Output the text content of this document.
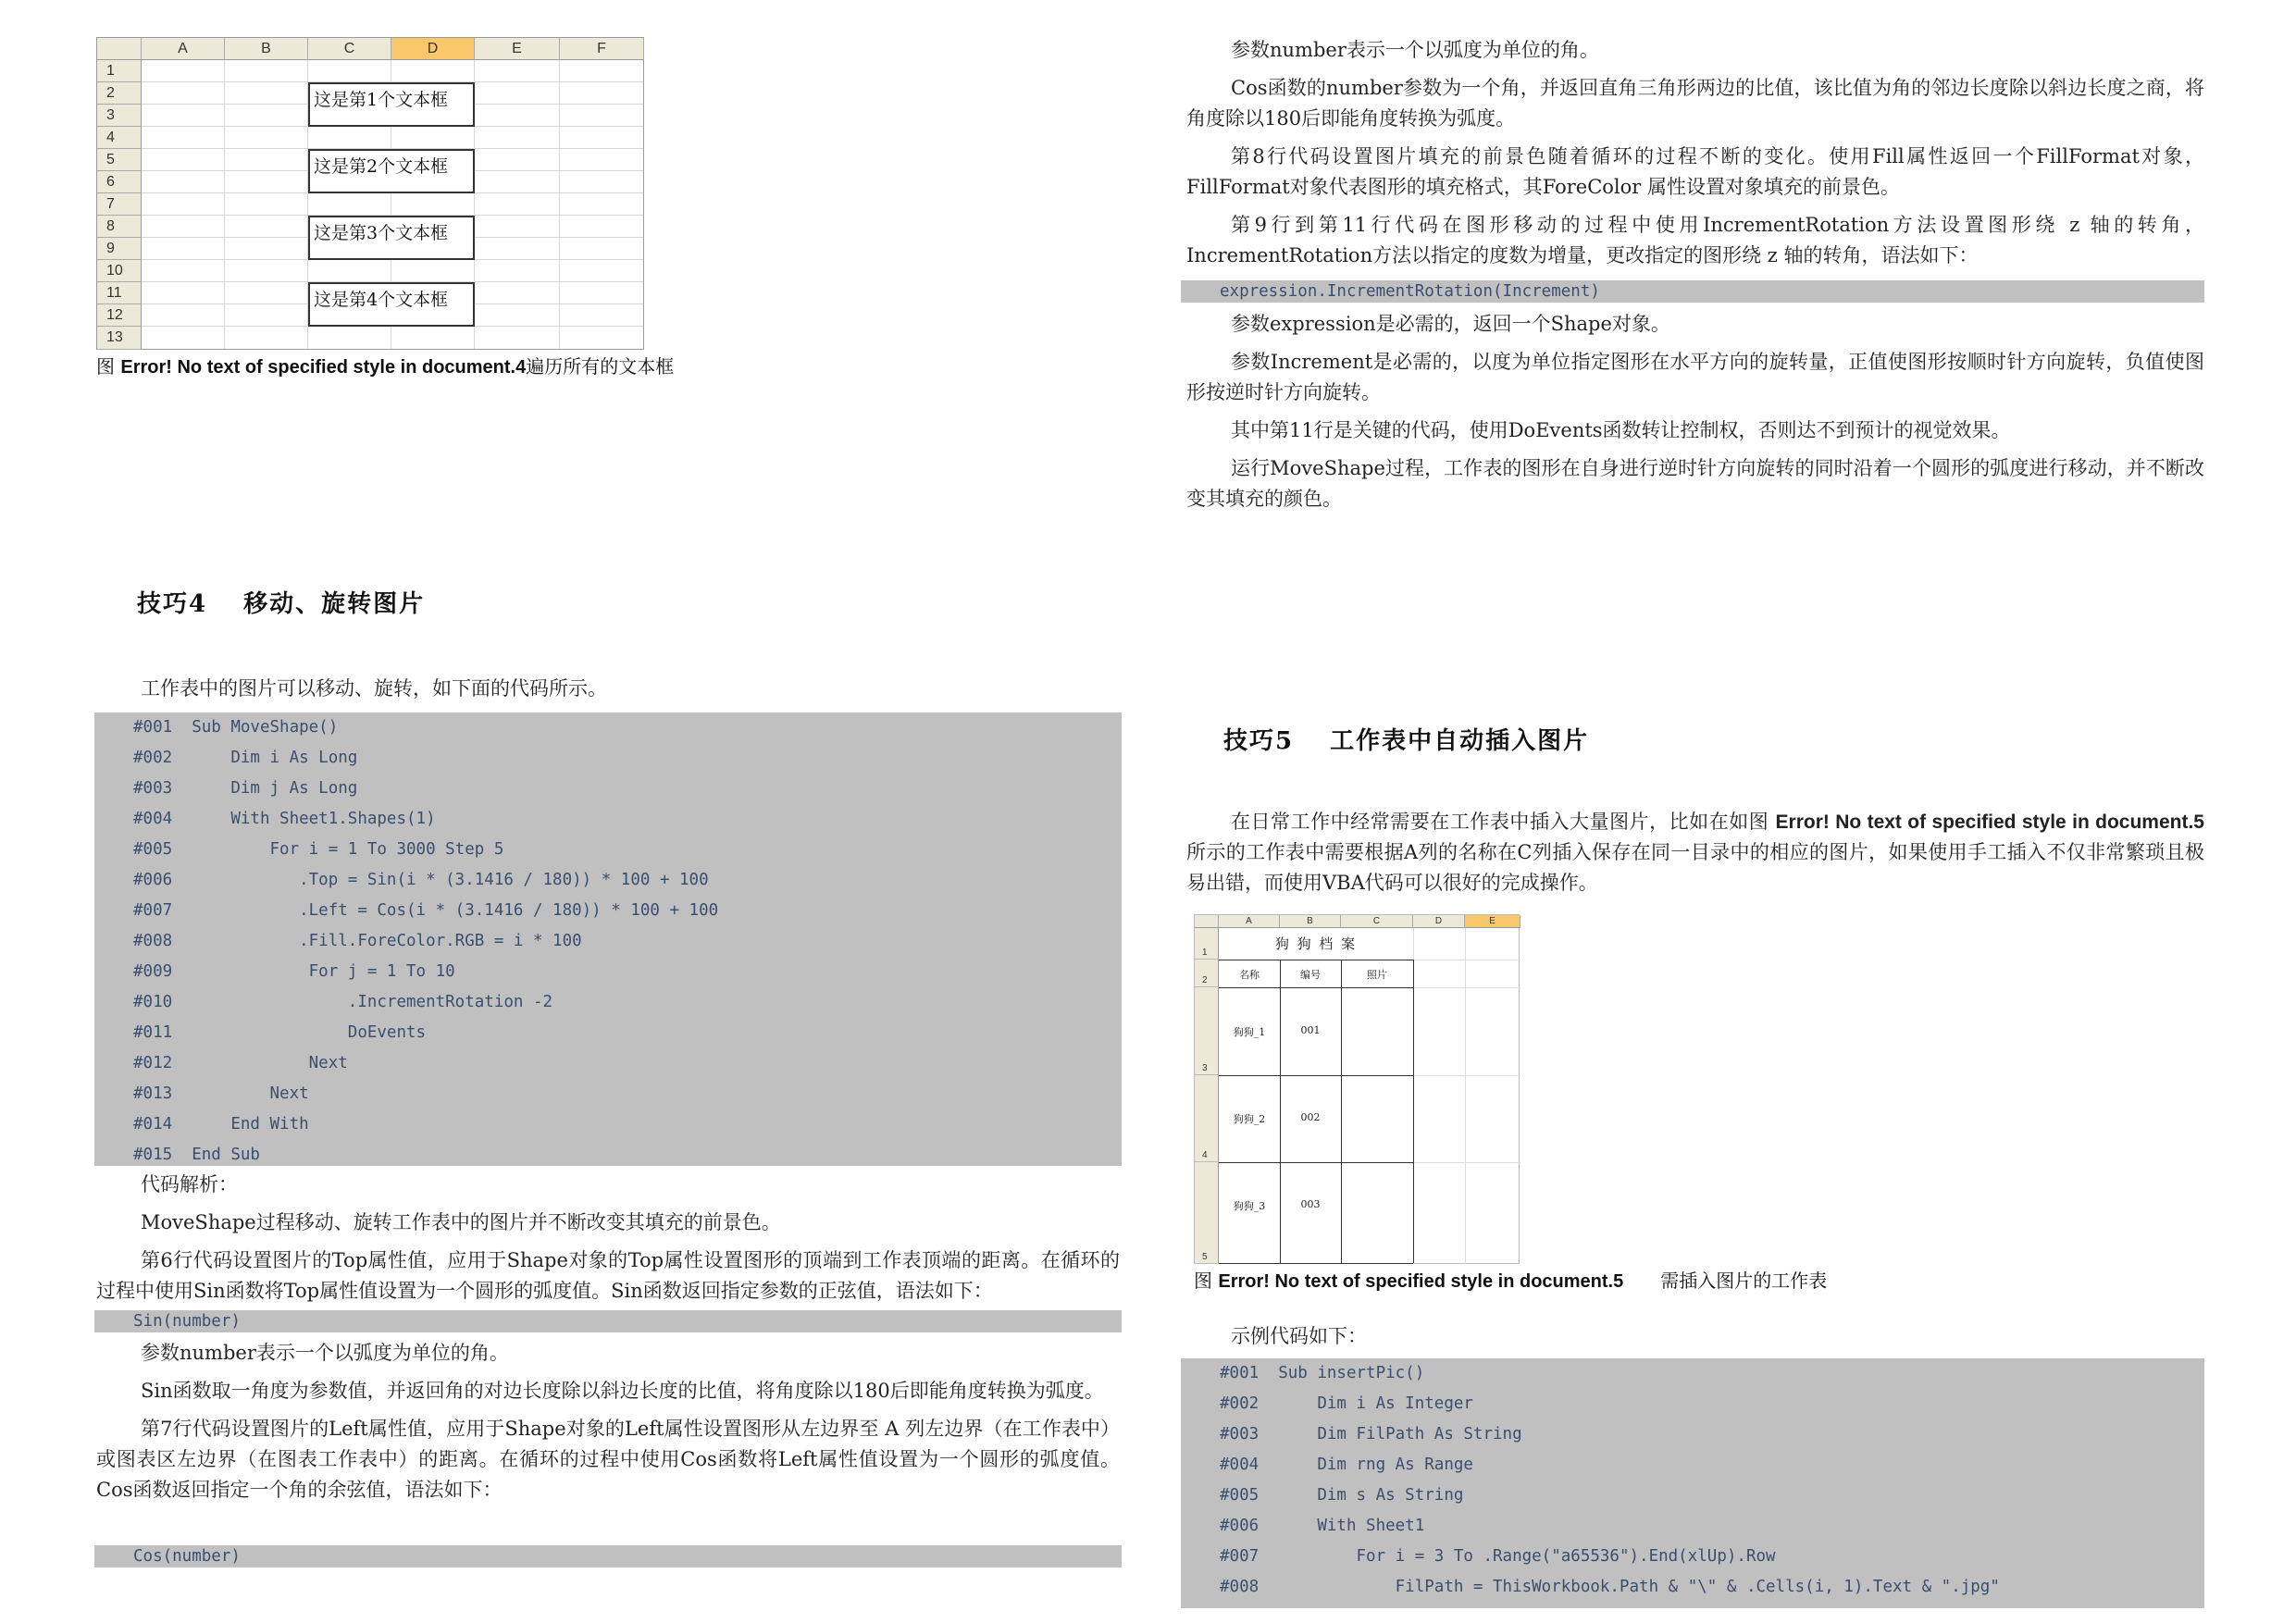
A	B	C	D	E	F
1
2
3
4
5
6
7
8
9
10
11
12
13
这是第1个文本框
这是第2个文本框
这是第3个文本框
这是第4个文本框
图 Error! No text of specified style in document.4遍历所有的文本框
技巧4　 移动、旋转图片
工作表中的图片可以移动、旋转，如下面的代码所示。
#001  Sub MoveShape()
#002      Dim i As Long
#003      Dim j As Long
#004      With Sheet1.Shapes(1)
#005          For i = 1 To 3000 Step 5
#006             .Top = Sin(i * (3.1416 / 180)) * 100 + 100
#007             .Left = Cos(i * (3.1416 / 180)) * 100 + 100
#008             .Fill.ForeColor.RGB = i * 100
#009              For j = 1 To 10
#010                  .IncrementRotation -2
#011                  DoEvents
#012              Next
#013          Next
#014      End With
#015  End Sub
代码解析：
MoveShape过程移动、旋转工作表中的图片并不断改变其填充的前景色。
第6行代码设置图片的Top属性值，应用于Shape对象的Top属性设置图形的顶端到工作表顶端的距离。在循环的过程中使用Sin函数将Top属性值设置为一个圆形的弧度值。Sin函数返回指定参数的正弦值，语法如下：
Sin(number)
参数number表示一个以弧度为单位的角。
Sin函数取一角度为参数值，并返回角的对边长度除以斜边长度的比值，将角度除以180后即能角度转换为弧度。
第7行代码设置图片的Left属性值，应用于Shape对象的Left属性设置图形从左边界至 A 列左边界（在工作表中）或图表区左边界（在图表工作表中）的距离。在循环的过程中使用Cos函数将Left属性值设置为一个圆形的弧度值。Cos函数返回指定一个角的余弦值，语法如下：
Cos(number)
参数number表示一个以弧度为单位的角。
Cos函数的number参数为一个角，并返回直角三角形两边的比值，该比值为角的邻边长度除以斜边长度之商，将角度除以180后即能角度转换为弧度。
第8行代码设置图片填充的前景色随着循环的过程不断的变化。使用Fill属性返回一个FillFormat对象，FillFormat对象代表图形的填充格式，其ForeColor 属性设置对象填充的前景色。
第9行到第11行代码在图形移动的过程中使用IncrementRotation方法设置图形绕 z 轴的转角，IncrementRotation方法以指定的度数为增量，更改指定的图形绕 z 轴的转角，语法如下：
expression.IncrementRotation(Increment)
参数expression是必需的，返回一个Shape对象。
参数Increment是必需的，以度为单位指定图形在水平方向的旋转量，正值使图形按顺时针方向旋转，负值使图形按逆时针方向旋转。
其中第11行是关键的代码，使用DoEvents函数转让控制权，否则达不到预计的视觉效果。
运行MoveShape过程，工作表的图形在自身进行逆时针方向旋转的同时沿着一个圆形的弧度进行移动，并不断改变其填充的颜色。
技巧5　 工作表中自动插入图片
在日常工作中经常需要在工作表中插入大量图片，比如在如图 Error! No text of specified style in document.5所示的工作表中需要根据A列的名称在C列插入保存在同一目录中的相应的图片，如果使用手工插入不仅非常繁琐且极易出错，而使用VBA代码可以很好的完成操作。
A	B	C	D	E
1
2
3
4
5
狗 狗 档 案
名称	编号	照片
狗狗_1	001
狗狗_2	002
狗狗_3	003
图 Error! No text of specified style in document.5 需插入图片的工作表
示例代码如下：
#001  Sub insertPic()
#002      Dim i As Integer
#003      Dim FilPath As String
#004      Dim rng As Range
#005      Dim s As String
#006      With Sheet1
#007          For i = 3 To .Range("a65536").End(xlUp).Row
#008              FilPath = ThisWorkbook.Path & "\" & .Cells(i, 1).Text & ".jpg"
